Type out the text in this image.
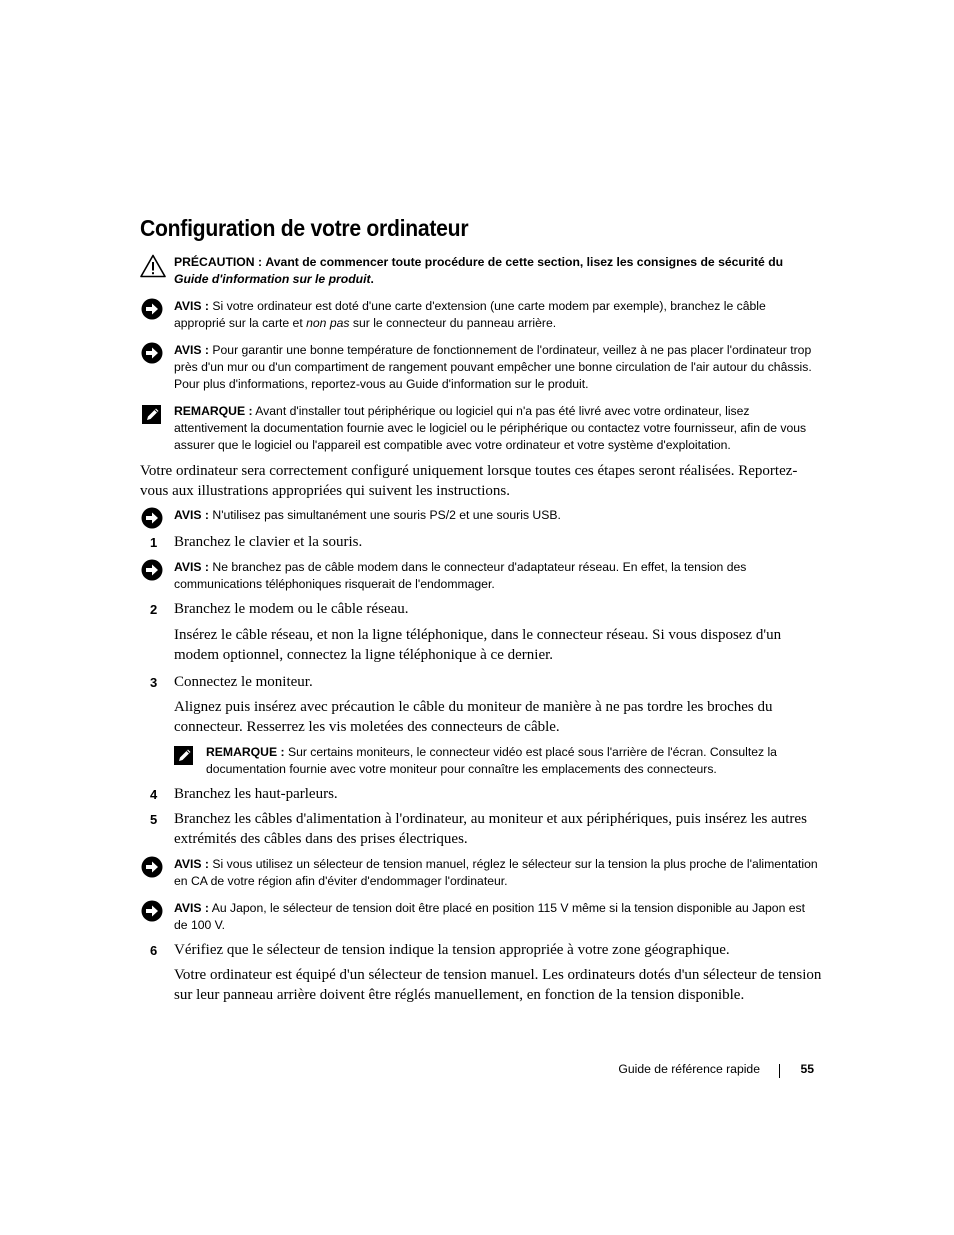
Configuration de votre ordinateur
PRÉCAUTION : Avant de commencer toute procédure de cette section, lisez les consignes de sécurité du Guide d'information sur le produit.
AVIS : Si votre ordinateur est doté d'une carte d'extension (une carte modem par exemple), branchez le câble approprié sur la carte et non pas sur le connecteur du panneau arrière.
AVIS : Pour garantir une bonne température de fonctionnement de l'ordinateur, veillez à ne pas placer l'ordinateur trop près d'un mur ou d'un compartiment de rangement pouvant empêcher une bonne circulation de l'air autour du châssis. Pour plus d'informations, reportez-vous au Guide d'information sur le produit.
REMARQUE : Avant d'installer tout périphérique ou logiciel qui n'a pas été livré avec votre ordinateur, lisez attentivement la documentation fournie avec le logiciel ou le périphérique ou contactez votre fournisseur, afin de vous assurer que le logiciel ou l'appareil est compatible avec votre ordinateur et votre système d'exploitation.

Votre ordinateur sera correctement configuré uniquement lorsque toutes ces étapes seront réalisées. Reportez-vous aux illustrations appropriées qui suivent les instructions.

AVIS : N'utilisez pas simultanément une souris PS/2 et une souris USB.
1 Branchez le clavier et la souris.
AVIS : Ne branchez pas de câble modem dans le connecteur d'adaptateur réseau. En effet, la tension des communications téléphoniques risquerait de l'endommager.
2 Branchez le modem ou le câble réseau.

Insérez le câble réseau, et non la ligne téléphonique, dans le connecteur réseau. Si vous disposez d'un modem optionnel, connectez la ligne téléphonique à ce dernier.

3 Connectez le moniteur.

Alignez puis insérez avec précaution le câble du moniteur de manière à ne pas tordre les broches du connecteur. Resserrez les vis moletées des connecteurs de câble.

REMARQUE : Sur certains moniteurs, le connecteur vidéo est placé sous l'arrière de l'écran. Consultez la documentation fournie avec votre moniteur pour connaître les emplacements des connecteurs.
4 Branchez les haut-parleurs.
5 Branchez les câbles d'alimentation à l'ordinateur, au moniteur et aux périphériques, puis insérez les autres extrémités des câbles dans des prises électriques.
AVIS : Si vous utilisez un sélecteur de tension manuel, réglez le sélecteur sur la tension la plus proche de l'alimentation en CA de votre région afin d'éviter d'endommager l'ordinateur.
AVIS : Au Japon, le sélecteur de tension doit être placé en position 115 V même si la tension disponible au Japon est de 100 V.
6 Vérifiez que le sélecteur de tension indique la tension appropriée à votre zone géographique.

Votre ordinateur est équipé d'un sélecteur de tension manuel. Les ordinateurs dotés d'un sélecteur de tension sur leur panneau arrière doivent être réglés manuellement, en fonction de la tension disponible.

Guide de référence rapide	55
